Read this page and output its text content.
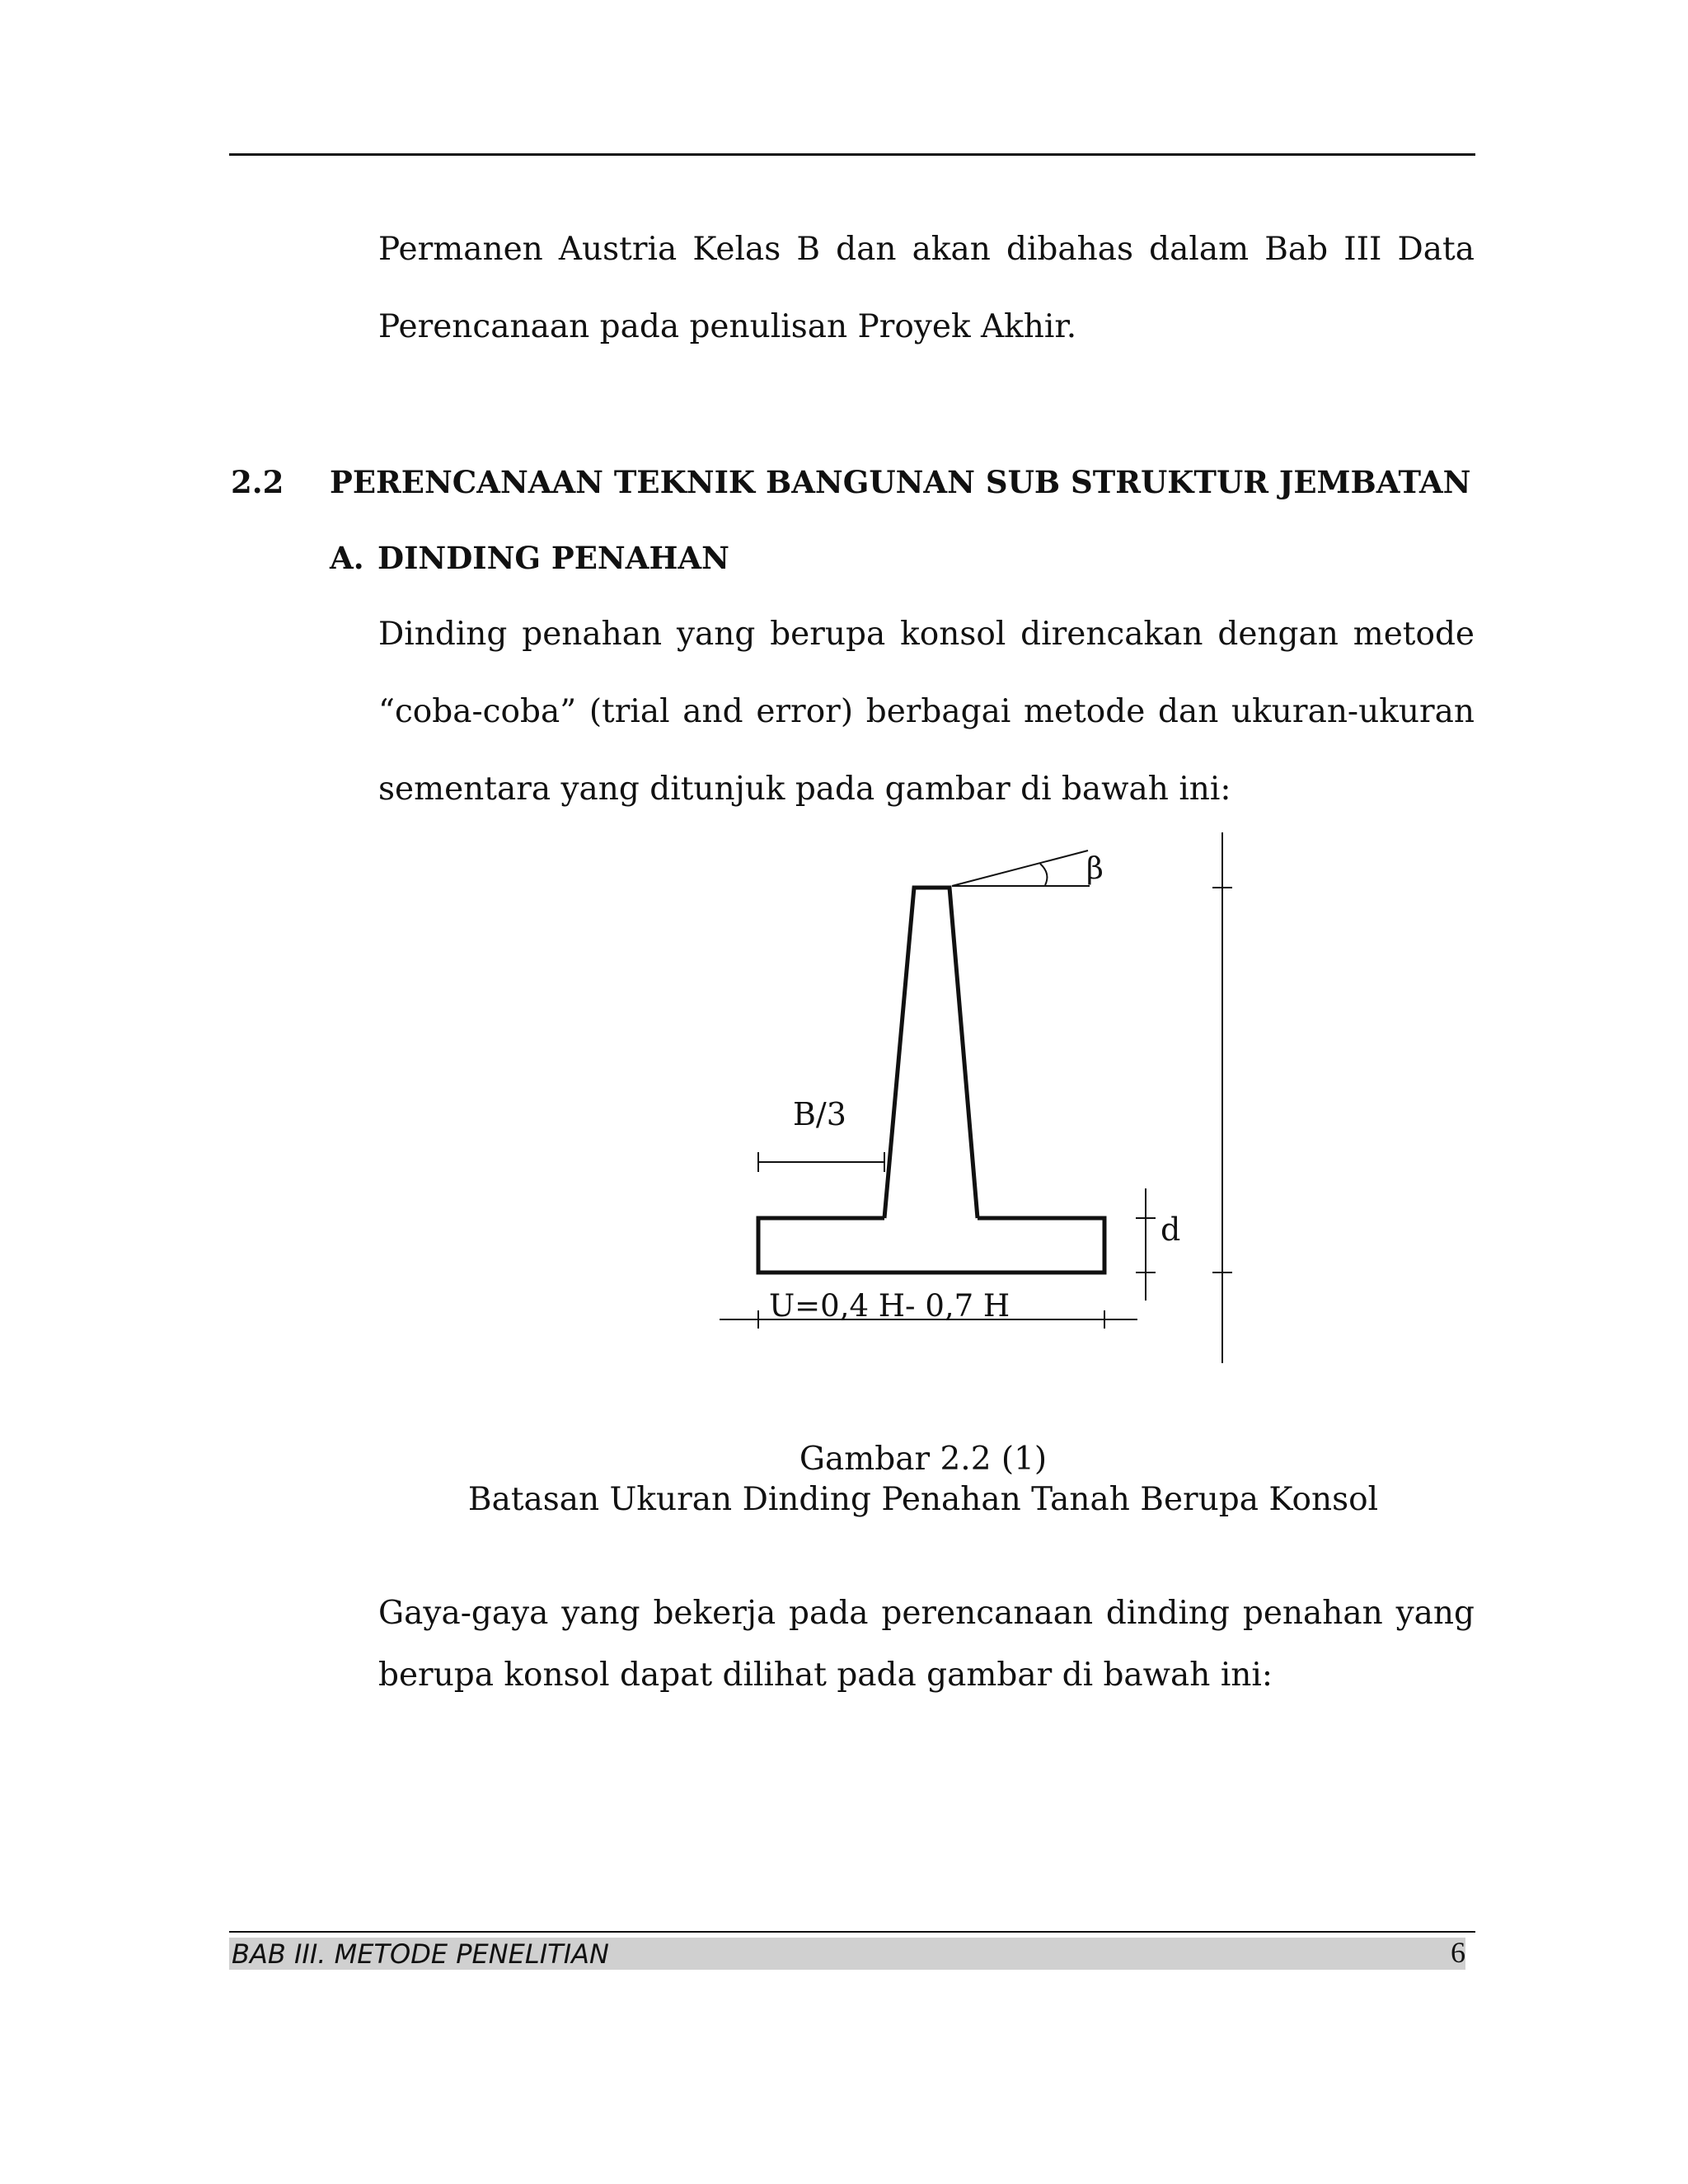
Permanen Austria Kelas B dan akan dibahas dalam Bab III Data
Perencanaan pada penulisan Proyek Akhir.
2.2 PERENCANAAN TEKNIK BANGUNAN SUB STRUKTUR JEMBATAN
A. DINDING PENAHAN
Dinding penahan yang berupa konsol direncakan dengan metode
“coba-coba” (trial and error) berbagai metode dan ukuran-ukuran
sementara yang ditunjuk pada gambar di bawah ini:
β
B/3
d
U=0,4 H- 0,7 H
Gambar 2.2 (1)
Batasan Ukuran Dinding Penahan Tanah Berupa Konsol
Gaya-gaya yang bekerja pada perencanaan dinding penahan yang
berupa konsol dapat dilihat pada gambar di bawah ini:
BAB III. METODE PENELITIAN	6
